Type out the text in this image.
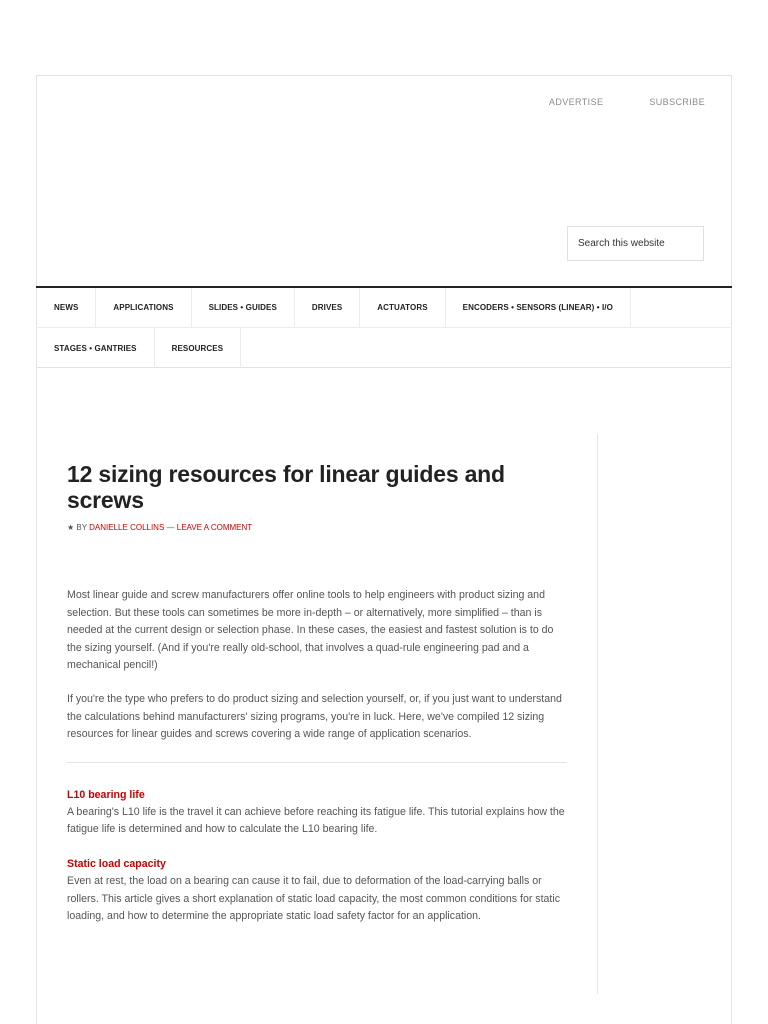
ADVERTISE	SUBSCRIBE
Search this website
NEWS	APPLICATIONS	SLIDES • GUIDES	DRIVES	ACTUATORS	ENCODERS • SENSORS (LINEAR) • I/O
STAGES • GANTRIES	RESOURCES
12 sizing resources for linear guides and screws
★ BY DANIELLE COLLINS — LEAVE A COMMENT

Most linear guide and screw manufacturers offer online tools to help engineers with product sizing and selection. But these tools can sometimes be more in-depth – or alternatively, more simplified – than is needed at the current design or selection phase. In these cases, the easiest and fastest solution is to do the sizing yourself. (And if you're really old-school, that involves a quad-rule engineering pad and a mechanical pencil!)

If you're the type who prefers to do product sizing and selection yourself, or, if you just want to understand the calculations behind manufacturers' sizing programs, you're in luck. Here, we've compiled 12 sizing resources for linear guides and screws covering a wide range of application scenarios.

L10 bearing life
A bearing's L10 life is the travel it can achieve before reaching its fatigue life. This tutorial explains how the fatigue life is determined and how to calculate the L10 bearing life.
Static load capacity
Even at rest, the load on a bearing can cause it to fail, due to deformation of the load-carrying balls or rollers. This article gives a short explanation of static load capacity, the most common conditions for static loading, and how to determine the appropriate static load safety factor for an application.
